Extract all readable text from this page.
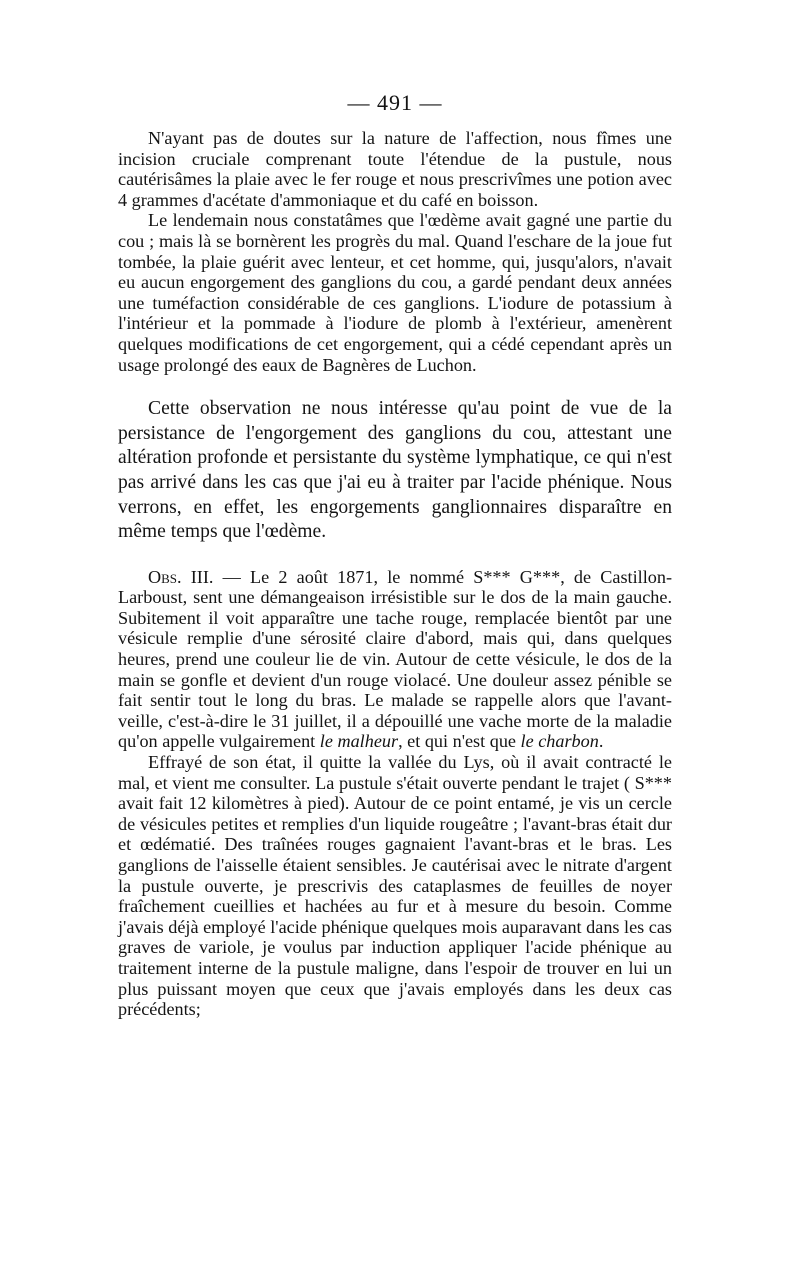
— 491 —

N'ayant pas de doutes sur la nature de l'affection, nous fîmes une incision cruciale comprenant toute l'étendue de la pustule, nous cautérisâmes la plaie avec le fer rouge et nous prescrivîmes une potion avec 4 grammes d'acétate d'ammoniaque et du café en boisson.

Le lendemain nous constatâmes que l'œdème avait gagné une partie du cou ; mais là se bornèrent les progrès du mal. Quand l'eschare de la joue fut tombée, la plaie guérit avec lenteur, et cet homme, qui, jusqu'alors, n'avait eu aucun engorgement des ganglions du cou, a gardé pendant deux années une tuméfaction considérable de ces ganglions. L'iodure de potassium à l'intérieur et la pommade à l'iodure de plomb à l'extérieur, amenèrent quelques modifications de cet engorgement, qui a cédé cependant après un usage prolongé des eaux de Bagnères de Luchon.

Cette observation ne nous intéresse qu'au point de vue de la persistance de l'engorgement des ganglions du cou, attestant une altération profonde et persistante du système lymphatique, ce qui n'est pas arrivé dans les cas que j'ai eu à traiter par l'acide phénique. Nous verrons, en effet, les engorgements ganglionnaires disparaître en même temps que l'œdème.

Obs. III. — Le 2 août 1871, le nommé S*** G***, de Castillon-Larboust, sent une démangeaison irrésistible sur le dos de la main gauche. Subitement il voit apparaître une tache rouge, remplacée bientôt par une vésicule remplie d'une sérosité claire d'abord, mais qui, dans quelques heures, prend une couleur lie de vin. Autour de cette vésicule, le dos de la main se gonfle et devient d'un rouge violacé. Une douleur assez pénible se fait sentir tout le long du bras. Le malade se rappelle alors que l'avant-veille, c'est-à-dire le 31 juillet, il a dépouillé une vache morte de la maladie qu'on appelle vulgairement le malheur, et qui n'est que le charbon.

Effrayé de son état, il quitte la vallée du Lys, où il avait contracté le mal, et vient me consulter. La pustule s'était ouverte pendant le trajet ( S*** avait fait 12 kilomètres à pied). Autour de ce point entamé, je vis un cercle de vésicules petites et remplies d'un liquide rougeâtre ; l'avant-bras était dur et œdématié. Des traînées rouges gagnaient l'avant-bras et le bras. Les ganglions de l'aisselle étaient sensibles. Je cautérisai avec le nitrate d'argent la pustule ouverte, je prescrivis des cataplasmes de feuilles de noyer fraîchement cueillies et hachées au fur et à mesure du besoin. Comme j'avais déjà employé l'acide phénique quelques mois auparavant dans les cas graves de variole, je voulus par induction appliquer l'acide phénique au traitement interne de la pustule maligne, dans l'espoir de trouver en lui un plus puissant moyen que ceux que j'avais employés dans les deux cas précédents;
